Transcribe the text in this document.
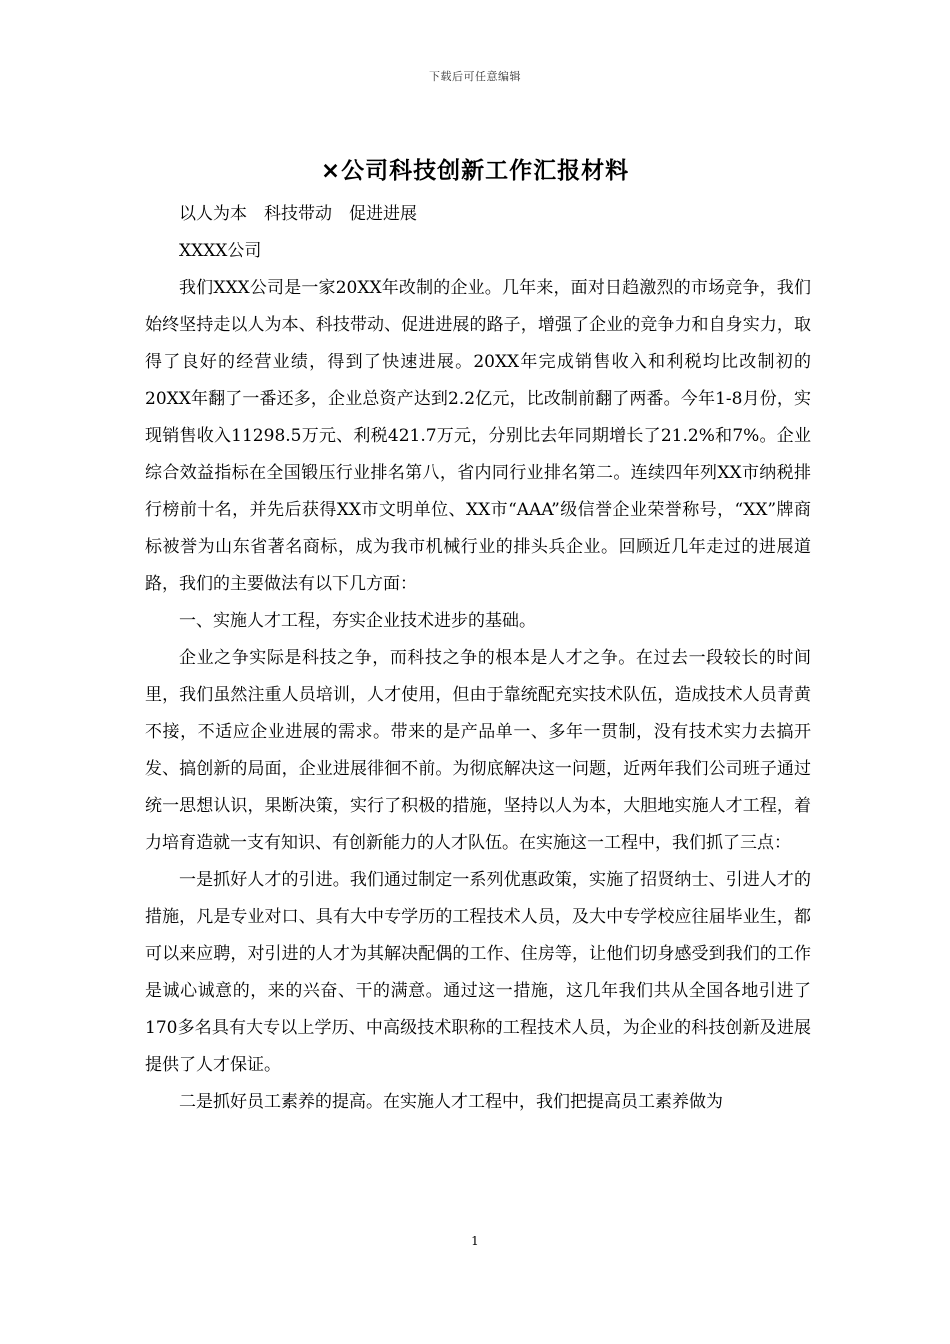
下载后可任意编辑
×公司科技创新工作汇报材料

以人为本　科技带动　促进进展

XXXX公司

我们XXX公司是一家20XX年改制的企业。几年来，面对日趋激烈的市场竞争，我们始终坚持走以人为本、科技带动、促进进展的路子，增强了企业的竞争力和自身实力，取得了良好的经营业绩，得到了快速进展。20XX年完成销售收入和利税均比改制初的20XX年翻了一番还多，企业总资产达到2.2亿元，比改制前翻了两番。今年1-8月份，实现销售收入11298.5万元、利税421.7万元，分别比去年同期增长了21.2%和7%。企业综合效益指标在全国锻压行业排名第八，省内同行业排名第二。连续四年列XX市纳税排行榜前十名，并先后获得XX市文明单位、XX市“AAA”级信誉企业荣誉称号，“XX”牌商标被誉为山东省著名商标，成为我市机械行业的排头兵企业。回顾近几年走过的进展道路，我们的主要做法有以下几方面：

一、实施人才工程，夯实企业技术进步的基础。

企业之争实际是科技之争，而科技之争的根本是人才之争。在过去一段较长的时间里，我们虽然注重人员培训，人才使用，但由于靠统配充实技术队伍，造成技术人员青黄不接，不适应企业进展的需求。带来的是产品单一、多年一贯制，没有技术实力去搞开发、搞创新的局面，企业进展徘徊不前。为彻底解决这一问题，近两年我们公司班子通过统一思想认识，果断决策，实行了积极的措施，坚持以人为本，大胆地实施人才工程，着力培育造就一支有知识、有创新能力的人才队伍。在实施这一工程中，我们抓了三点：

一是抓好人才的引进。我们通过制定一系列优惠政策，实施了招贤纳士、引进人才的措施，凡是专业对口、具有大中专学历的工程技术人员，及大中专学校应往届毕业生，都可以来应聘，对引进的人才为其解决配偶的工作、住房等，让他们切身感受到我们的工作是诚心诚意的，来的兴奋、干的满意。通过这一措施，这几年我们共从全国各地引进了170多名具有大专以上学历、中高级技术职称的工程技术人员，为企业的科技创新及进展提供了人才保证。

二是抓好员工素养的提高。在实施人才工程中，我们把提高员工素养做为

1
